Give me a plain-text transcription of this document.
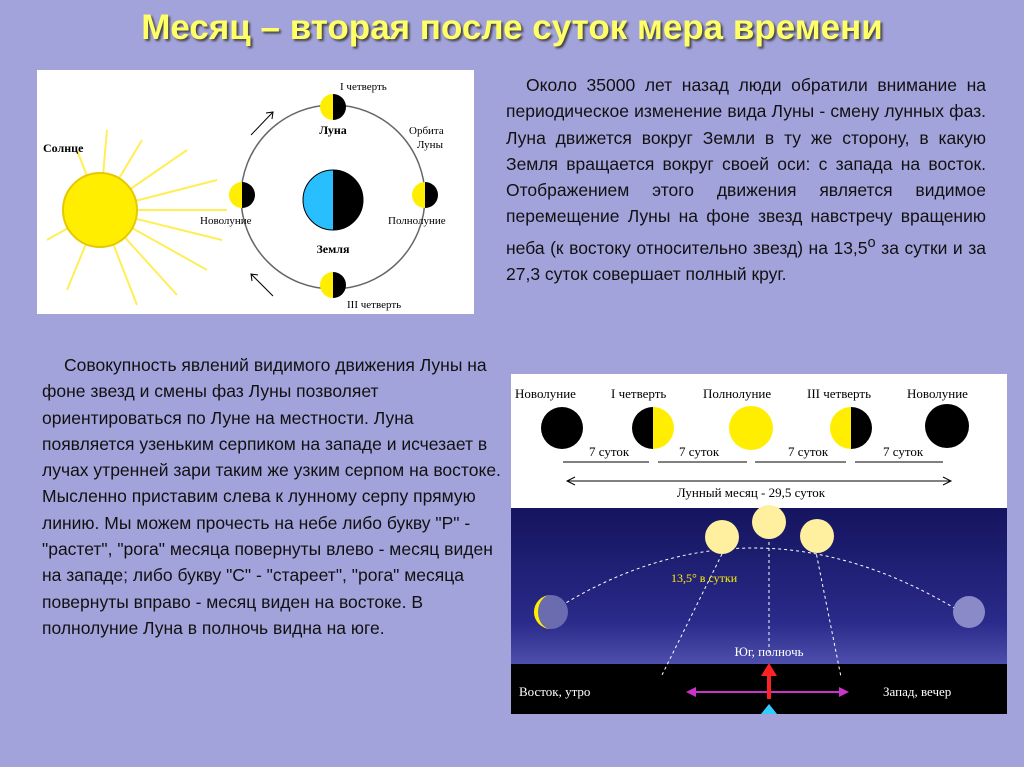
Месяц – вторая после суток мера времени

Около 35000 лет назад люди обратили внимание на периодическое изменение вида Луны - смену лунных фаз. Луна движется вокруг Земли в ту же сторону, в какую Земля вращается вокруг своей оси: с запада на восток. Отображением этого движения является видимое перемещение Луны на фоне звезд навстречу вращению неба (к востоку относительно звезд) на $13,5^о$ за сутки и за 27,3 суток совершает полный круг.

Совокупность явлений видимого движения Луны на фоне звезд и смены фаз Луны позволяет ориентироваться по Луне на местности. Луна появляется узеньким серпиком на западе и исчезает в лучах утренней зари таким же узким серпом на востоке. Мысленно приставим слева к лунному серпу прямую линию. Мы можем прочесть на небе либо букву "Р" - "растет", "рога" месяца повернуты влево - месяц виден на западе; либо букву "С" - "стареет", "рога" месяца повернуты вправо - месяц виден на востоке. В полнолуние Луна в полночь видна на юге.

Солнце
Земля
I четверть
Луна	Орбита
Луны
Новолуние	Полнолуние
III четверть
Новолуние	I четверть	Полнолуние	III четверть	Новолуние
7 суток	7 суток	7 суток	7 суток
Лунный месяц - 29,5 суток
13,5° в сутки
Юг, полночь
Восток, утро	Запад, вечер
